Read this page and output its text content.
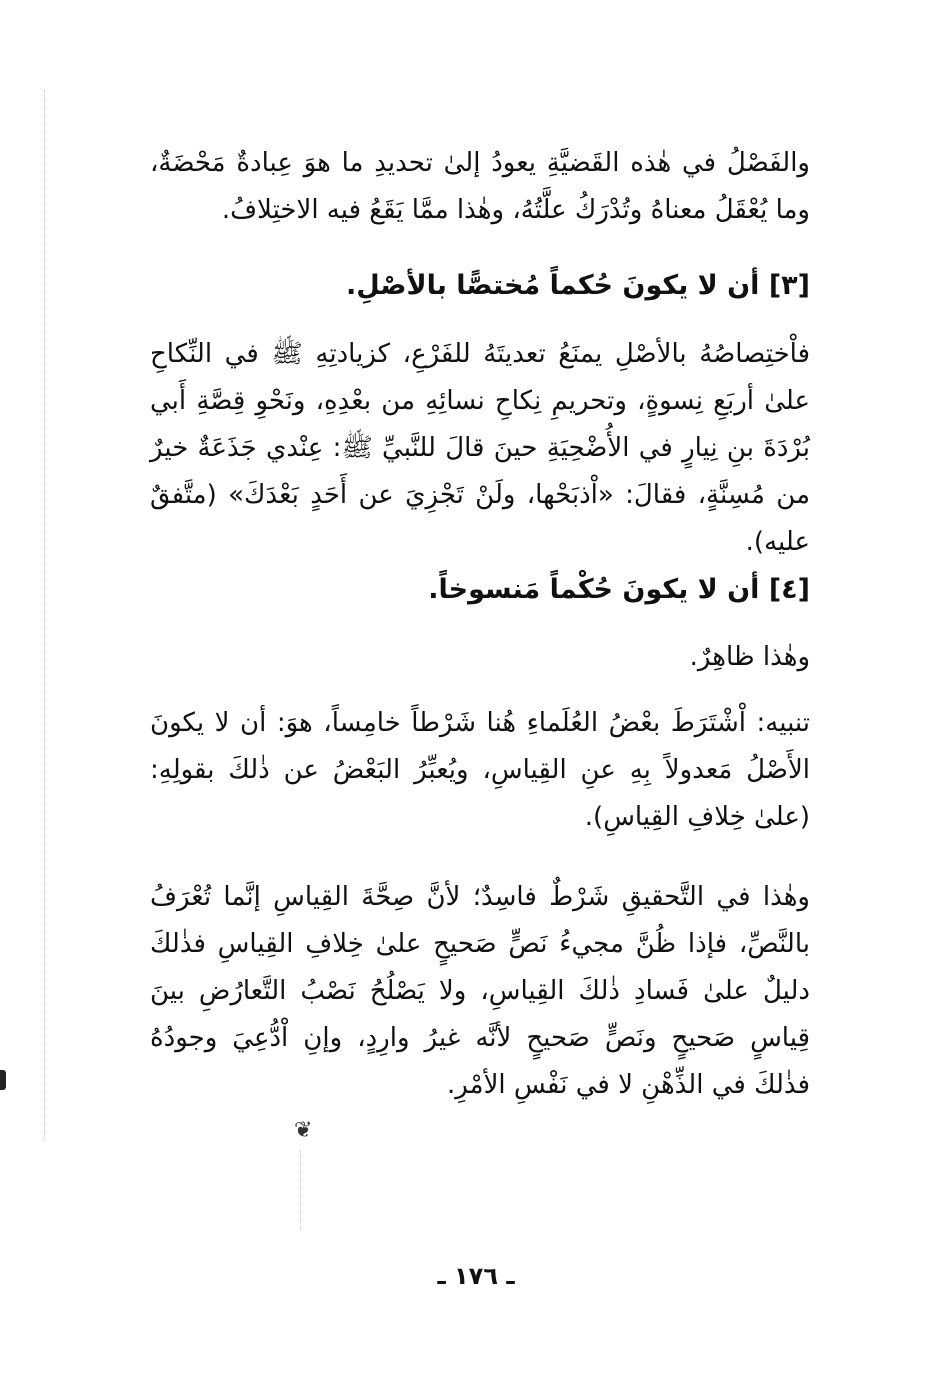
والفَصْلُ في هٰذه القَضيَّةِ يعودُ إلىٰ تحديدِ ما هوَ عِبادةٌ مَحْضَةٌ، وما يُعْقَلُ معناهُ وتُدْرَكُ علَّتُهُ، وهٰذا ممَّا يَقَعُ فيه الاختِلافُ.

[٣] أن لا يكونَ حُكماً مُختصًّا بالأصْلِ.

فاْختِصاصُهُ بالأصْلِ يمنَعُ تعديتَهُ للفَرْعِ، كزيادتِهِ ﷺ في النِّكاحِ علىٰ أربَعِ نِسوةٍ، وتحريمِ نِكاحِ نسائِهِ من بعْدِهِ، ونَحْوِ قِصَّةِ أَبي بُرْدَةَ بنِ نِيارٍ في الأُضْحِيَةِ حينَ قالَ للنَّبيِّ ﷺ: عِنْدي جَذَعَةٌ خيرٌ من مُسِنَّةٍ، فقالَ: «اْذبَحْها، ولَنْ تَجْزِيَ عن أَحَدٍ بَعْدَكَ» (متَّفقٌ عليه).

[٤] أن لا يكونَ حُكْماً مَنسوخاً.

وهٰذا ظاهِرٌ.

تنبيه: اْشْتَرَطَ بعْضُ العُلَماءِ هُنا شَرْطاً خامِساً، هوَ: أن لا يكونَ الأَصْلُ مَعدولاً بِهِ عنِ القِياسِ، ويُعبِّرُ البَعْضُ عن ذٰلكَ بقولِهِ: (علىٰ خِلافِ القِياسِ).

وهٰذا في التَّحقيقِ شَرْطٌ فاسِدٌ؛ لأنَّ صِحَّةَ القِياسِ إنَّما تُعْرَفُ بالنَّصِّ، فإذا ظُنَّ مجيءُ نَصٍّ صَحيحٍ علىٰ خِلافِ القِياسِ فذٰلكَ دليلٌ علىٰ فَسادِ ذٰلكَ القِياسِ، ولا يَصْلُحُ نَصْبُ التَّعارُضِ بينَ قِياسٍ صَحيحٍ ونَصٍّ صَحيحٍ لأنَّه غيرُ وارِدٍ، وإنِ اْدُّعِيَ وجودُهُ فذٰلكَ في الذِّهْنِ لا في نَفْسِ الأمْرِ.

❦
ـ ١٧٦ ـ
